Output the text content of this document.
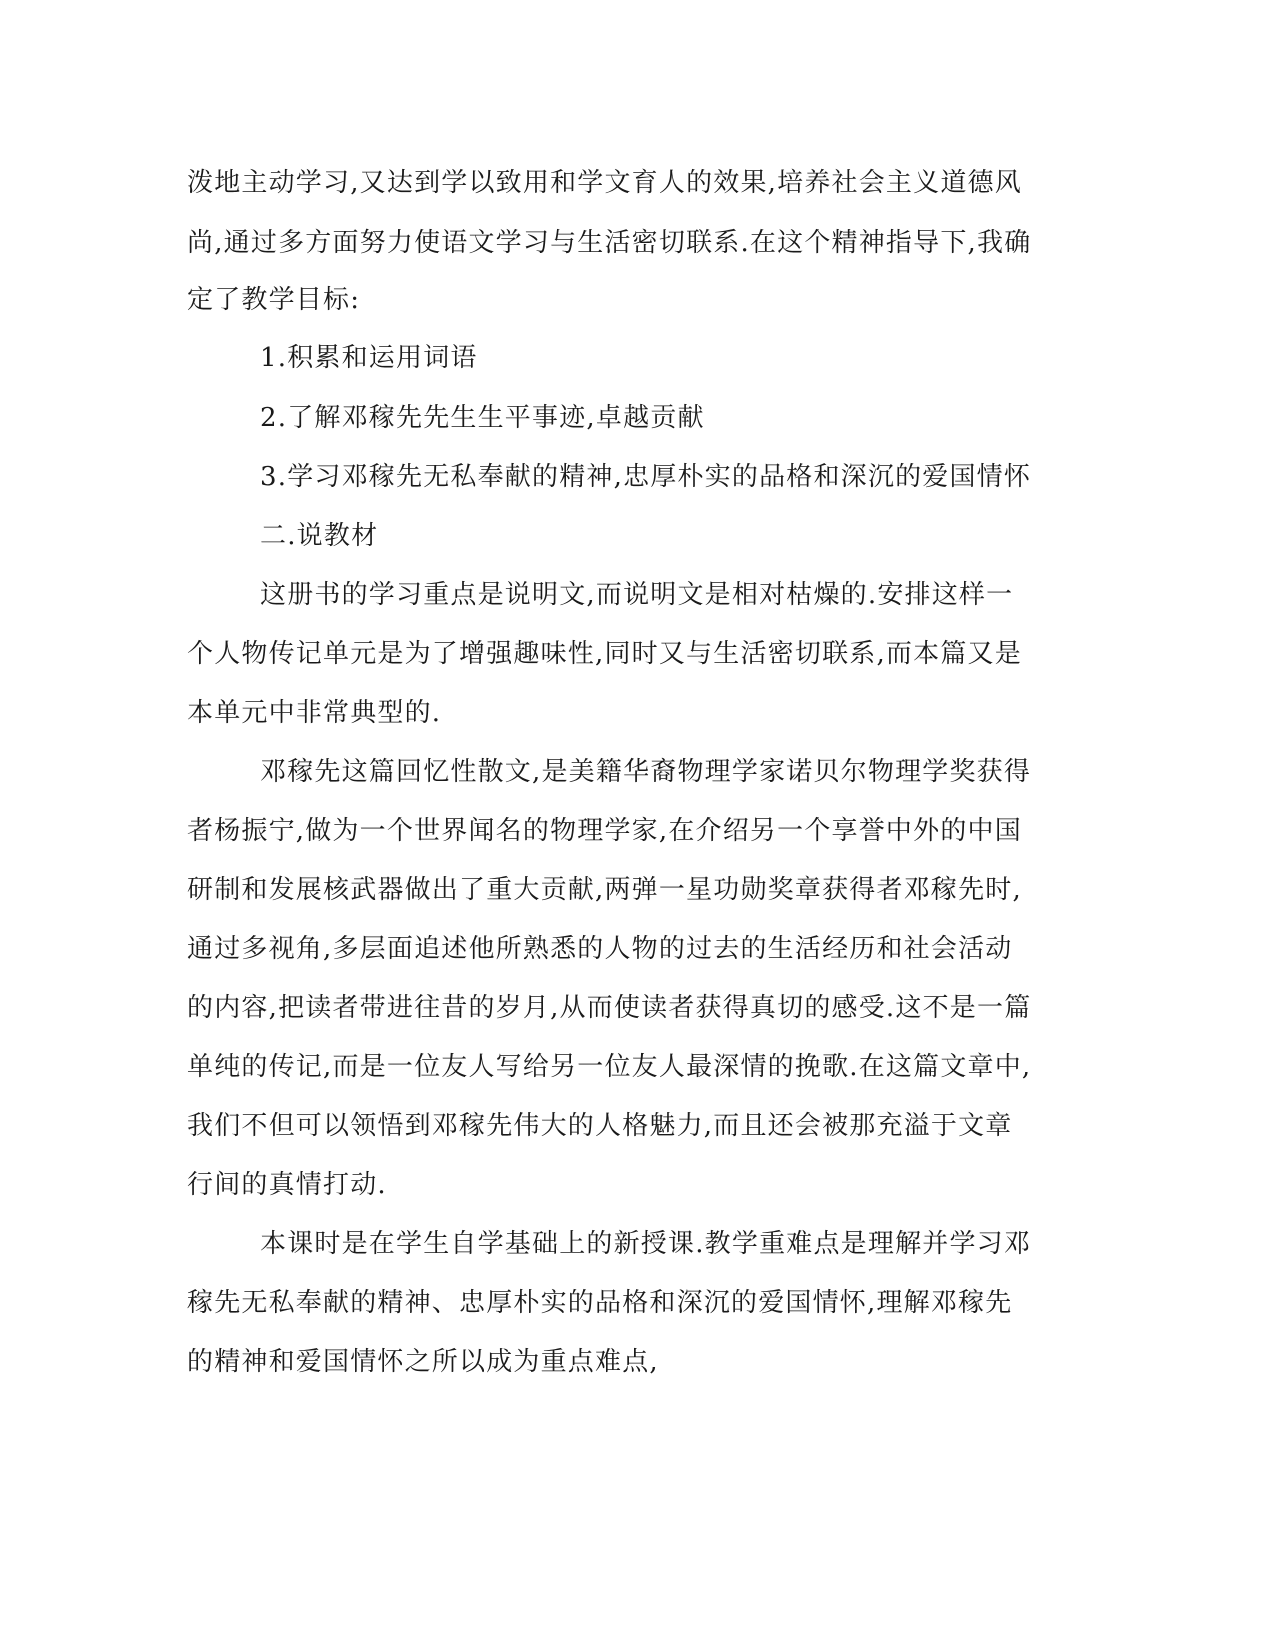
泼地主动学习,又达到学以致用和学文育人的效果,培养社会主义道德风
尚,通过多方面努力使语文学习与生活密切联系.在这个精神指导下,我确
定了教学目标:
1.积累和运用词语
2.了解邓稼先先生生平事迹,卓越贡献
3.学习邓稼先无私奉献的精神,忠厚朴实的品格和深沉的爱国情怀
二.说教材
这册书的学习重点是说明文,而说明文是相对枯燥的.安排这样一
个人物传记单元是为了增强趣味性,同时又与生活密切联系,而本篇又是
本单元中非常典型的.
邓稼先这篇回忆性散文,是美籍华裔物理学家诺贝尔物理学奖获得
者杨振宁,做为一个世界闻名的物理学家,在介绍另一个享誉中外的中国
研制和发展核武器做出了重大贡献,两弹一星功勋奖章获得者邓稼先时,
通过多视角,多层面追述他所熟悉的人物的过去的生活经历和社会活动
的内容,把读者带进往昔的岁月,从而使读者获得真切的感受.这不是一篇
单纯的传记,而是一位友人写给另一位友人最深情的挽歌.在这篇文章中,
我们不但可以领悟到邓稼先伟大的人格魅力,而且还会被那充溢于文章
行间的真情打动.
本课时是在学生自学基础上的新授课.教学重难点是理解并学习邓
稼先无私奉献的精神、忠厚朴实的品格和深沉的爱国情怀,理解邓稼先
的精神和爱国情怀之所以成为重点难点,
